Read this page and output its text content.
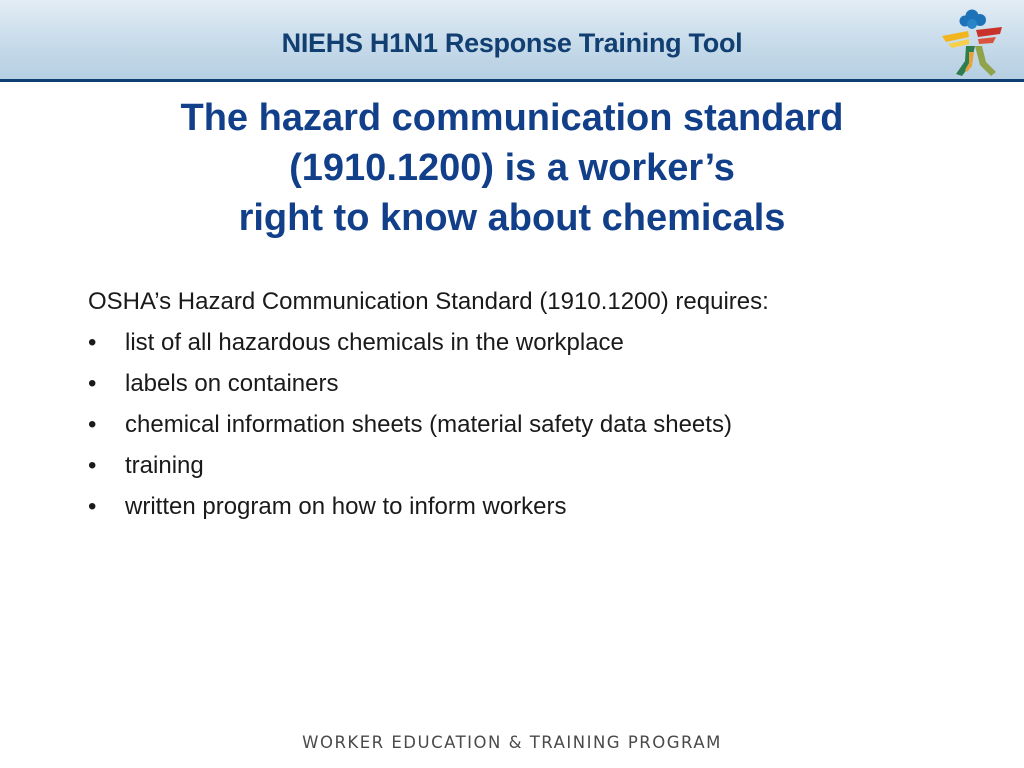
NIEHS H1N1 Response Training Tool
The hazard communication standard
(1910.1200) is a worker’s
right to know about chemicals
OSHA’s Hazard Communication Standard (1910.1200) requires:
• list of all hazardous chemicals in the workplace
• labels on containers
• chemical information sheets (material safety data sheets)
• training
• written program on how to inform workers
WORKER EDUCATION & TRAINING PROGRAM
